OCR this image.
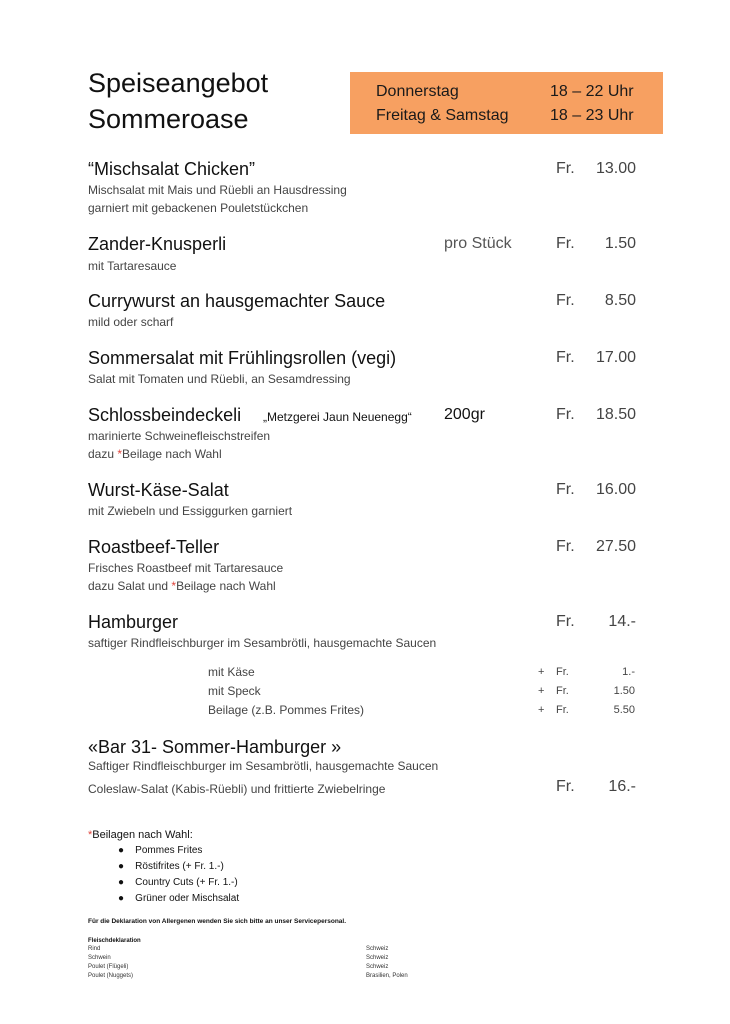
Speiseangebot
Sommeroase
Donnerstag	18 – 22 Uhr
Freitag & Samstag	18 – 23 Uhr
“Mischsalat Chicken”	Fr.	13.00
Mischsalat mit Mais und Rüebli an Hausdressing
garniert mit gebackenen Pouletstückchen
Zander-Knusperli	pro Stück	Fr.	1.50
mit Tartaresauce
Currywurst an hausgemachter Sauce	Fr.	8.50
mild oder scharf
Sommersalat mit Frühlingsrollen (vegi)	Fr.	17.00
Salat mit Tomaten und Rüebli, an Sesamdressing
Schlossbeindeckeli „Metzgerei Jaun Neuenegg“ 200gr	Fr.	18.50
marinierte Schweinefleischstreifen
dazu *Beilage nach Wahl
Wurst-Käse-Salat	Fr.	16.00
mit Zwiebeln und Essiggurken garniert
Roastbeef-Teller	Fr.	27.50
Frisches Roastbeef mit Tartaresauce
dazu Salat und *Beilage nach Wahl
Hamburger	Fr.	14.-
saftiger Rindfleischburger im Sesambrötli, hausgemachte Saucen
mit Käse	+ Fr.	1.-
mit Speck	+ Fr.	1.50
Beilage (z.B. Pommes Frites)	+ Fr.	5.50
«Bar 31- Sommer-Hamburger »
Saftiger Rindfleischburger im Sesambrötli, hausgemachte Saucen
Coleslaw-Salat (Kabis-Rüebli) und frittierte Zwiebelringe	Fr.	16.-
*Beilagen nach Wahl:
● Pommes Frites
● Röstifrites (+ Fr. 1.-)
● Country Cuts (+ Fr. 1.-)
● Grüner oder Mischsalat
Für die Deklaration von Allergenen wenden Sie sich bitte an unser Servicepersonal.
Fleischdeklaration
Rind	Schweiz
Schwein	Schweiz
Poulet (Flügeli)	Schweiz
Poulet (Nuggets)	Brasilien, Polen
